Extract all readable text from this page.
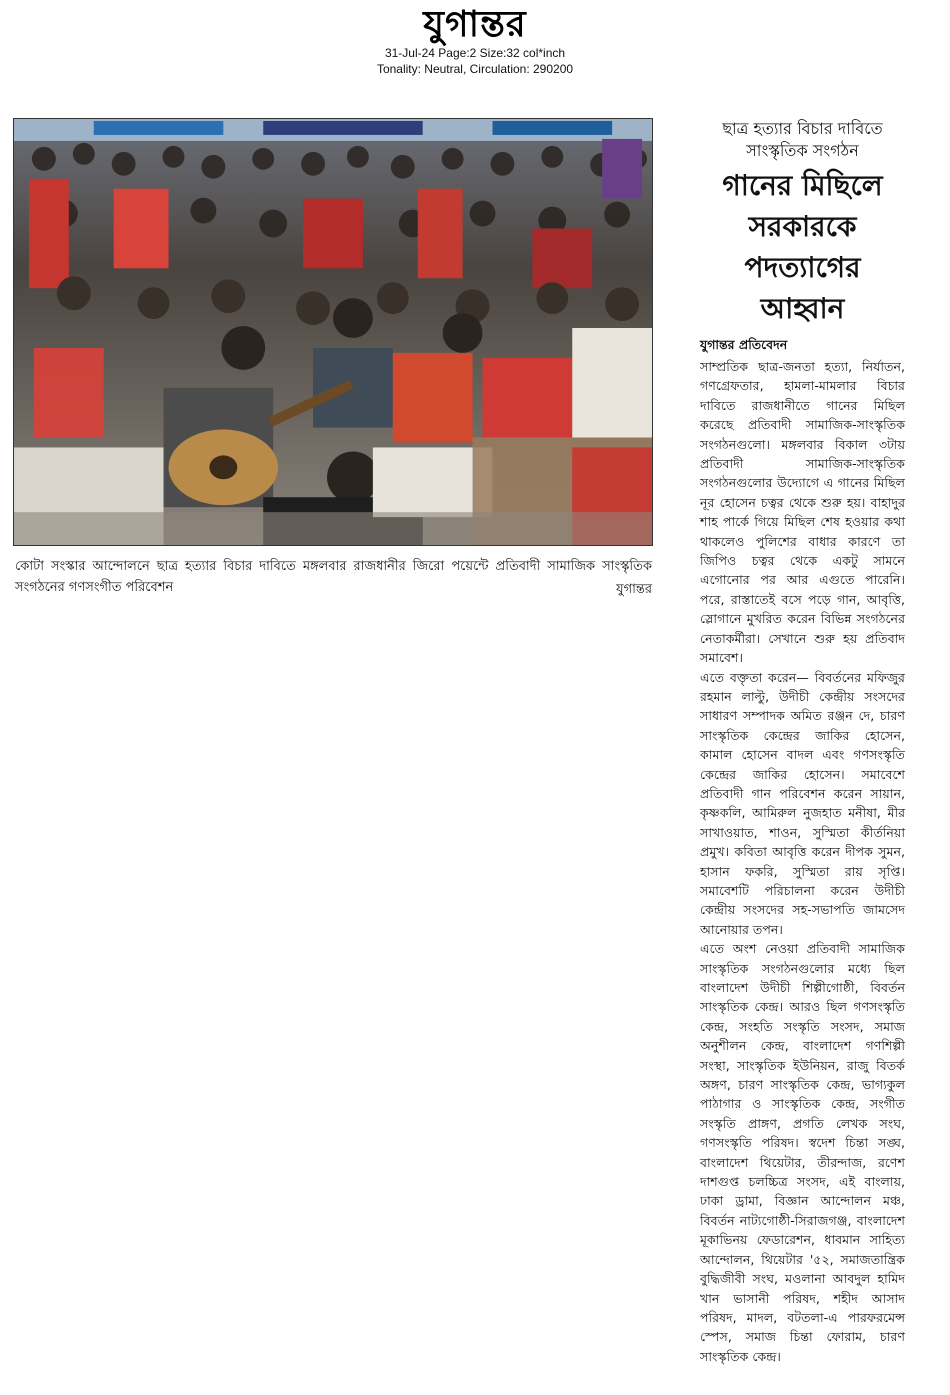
যুগান্তর
31-Jul-24 Page:2 Size:32 col*inch
Tonality: Neutral, Circulation: 290200
কোটা সংস্কার আন্দোলনে ছাত্র হত্যার বিচার দাবিতে মঙ্গলবার রাজধানীর জিরো পয়েন্টে প্রতিবাদী সামাজিক সাংস্কৃতিক সংগঠনের গণসংগীত পরিবেশন	যুগান্তর
ছাত্র হত্যার বিচার দাবিতে
সাংস্কৃতিক সংগঠন
গানের মিছিলে সরকারকে পদত্যাগের আহ্বান
যুগান্তর প্রতিবেদন

সাম্প্রতিক ছাত্র-জনতা হত্যা, নির্যাতন, গণগ্রেফতার, হামলা-মামলার বিচার দাবিতে রাজধানীতে গানের মিছিল করেছে প্রতিবাদী সামাজিক-সাংস্কৃতিক সংগঠনগুলো। মঙ্গলবার বিকাল ৩টায় প্রতিবাদী সামাজিক-সাংস্কৃতিক সংগঠনগুলোর উদ্যোগে এ গানের মিছিল নূর হোসেন চত্বর থেকে শুরু হয়। বাহাদুর শাহ পার্কে গিয়ে মিছিল শেষ হওয়ার কথা থাকলেও পুলিশের বাধার কারণে তা জিপিও চত্বর থেকে একটু সামনে এগোনোর পর আর এগুতে পারেনি। পরে, রাস্তাতেই বসে পড়ে গান, আবৃত্তি, স্লোগানে মুখরিত করেন বিভিন্ন সংগঠনের নেতাকর্মীরা। সেখানে শুরু হয় প্রতিবাদ সমাবেশ।

এতে বক্তৃতা করেন— বিবর্তনের মফিজুর রহমান লাল্টু, উদীচী কেন্দ্রীয় সংসদের সাধারণ সম্পাদক অমিত রঞ্জন দে, চারণ সাংস্কৃতিক কেন্দ্রের জাকির হোসেন, কামাল হোসেন বাদল এবং গণসংস্কৃতি কেন্দ্রের জাকির হোসেন। সমাবেশে প্রতিবাদী গান পরিবেশন করেন সায়ান, কৃষ্ণকলি, আমিরুল নুজহাত মনীষা, মীর সাখাওয়াত, শাওন, সুস্মিতা কীর্তনিয়া প্রমুখ। কবিতা আবৃত্তি করেন দীপক সুমন, হাসান ফকরি, সুস্মিতা রায় সৃপ্তি। সমাবেশটি পরিচালনা করেন উদীচী কেন্দ্রীয় সংসদের সহ-সভাপতি জামসেদ আনোয়ার তপন।

এতে অংশ নেওয়া প্রতিবাদী সামাজিক সাংস্কৃতিক সংগঠনগুলোর মধ্যে ছিল বাংলাদেশ উদীচী শিল্পীগোষ্ঠী, বিবর্তন সাংস্কৃতিক কেন্দ্র। আরও ছিল গণসংস্কৃতি কেন্দ্র, সংহতি সংস্কৃতি সংসদ, সমাজ অনুশীলন কেন্দ্র, বাংলাদেশ গণশিল্পী সংস্থা, সাংস্কৃতিক ইউনিয়ন, রাজু বিতর্ক অঙ্গণ, চারণ সাংস্কৃতিক কেন্দ্র, ভাগ্যকুল পাঠাগার ও সাংস্কৃতিক কেন্দ্র, সংগীত সংস্কৃতি প্রাঙ্গণ, প্রগতি লেখক সংঘ, গণসংস্কৃতি পরিষদ। স্বদেশ চিন্তা সঙ্ঘ, বাংলাদেশ থিয়েটার, তীরন্দাজ, রণেশ দাশগুপ্ত চলচ্চিত্র সংসদ, এই বাংলায়, ঢাকা ড্রামা, বিজ্ঞান আন্দোলন মঞ্চ, বিবর্তন নাট্যগোষ্ঠী-সিরাজগঞ্জ, বাংলাদেশ মূকাভিনয় ফেডারেশন, ধাবমান সাহিত্য আন্দোলন, থিয়েটার '৫২, সমাজতান্ত্রিক বুদ্ধিজীবী সংঘ, মওলানা আবদুল হামিদ খান ভাসানী পরিষদ, শহীদ আসাদ পরিষদ, মাদল, বটতলা-এ পারফরমেন্স স্পেস, সমাজ চিন্তা ফোরাম, চারণ সাংস্কৃতিক কেন্দ্র।
